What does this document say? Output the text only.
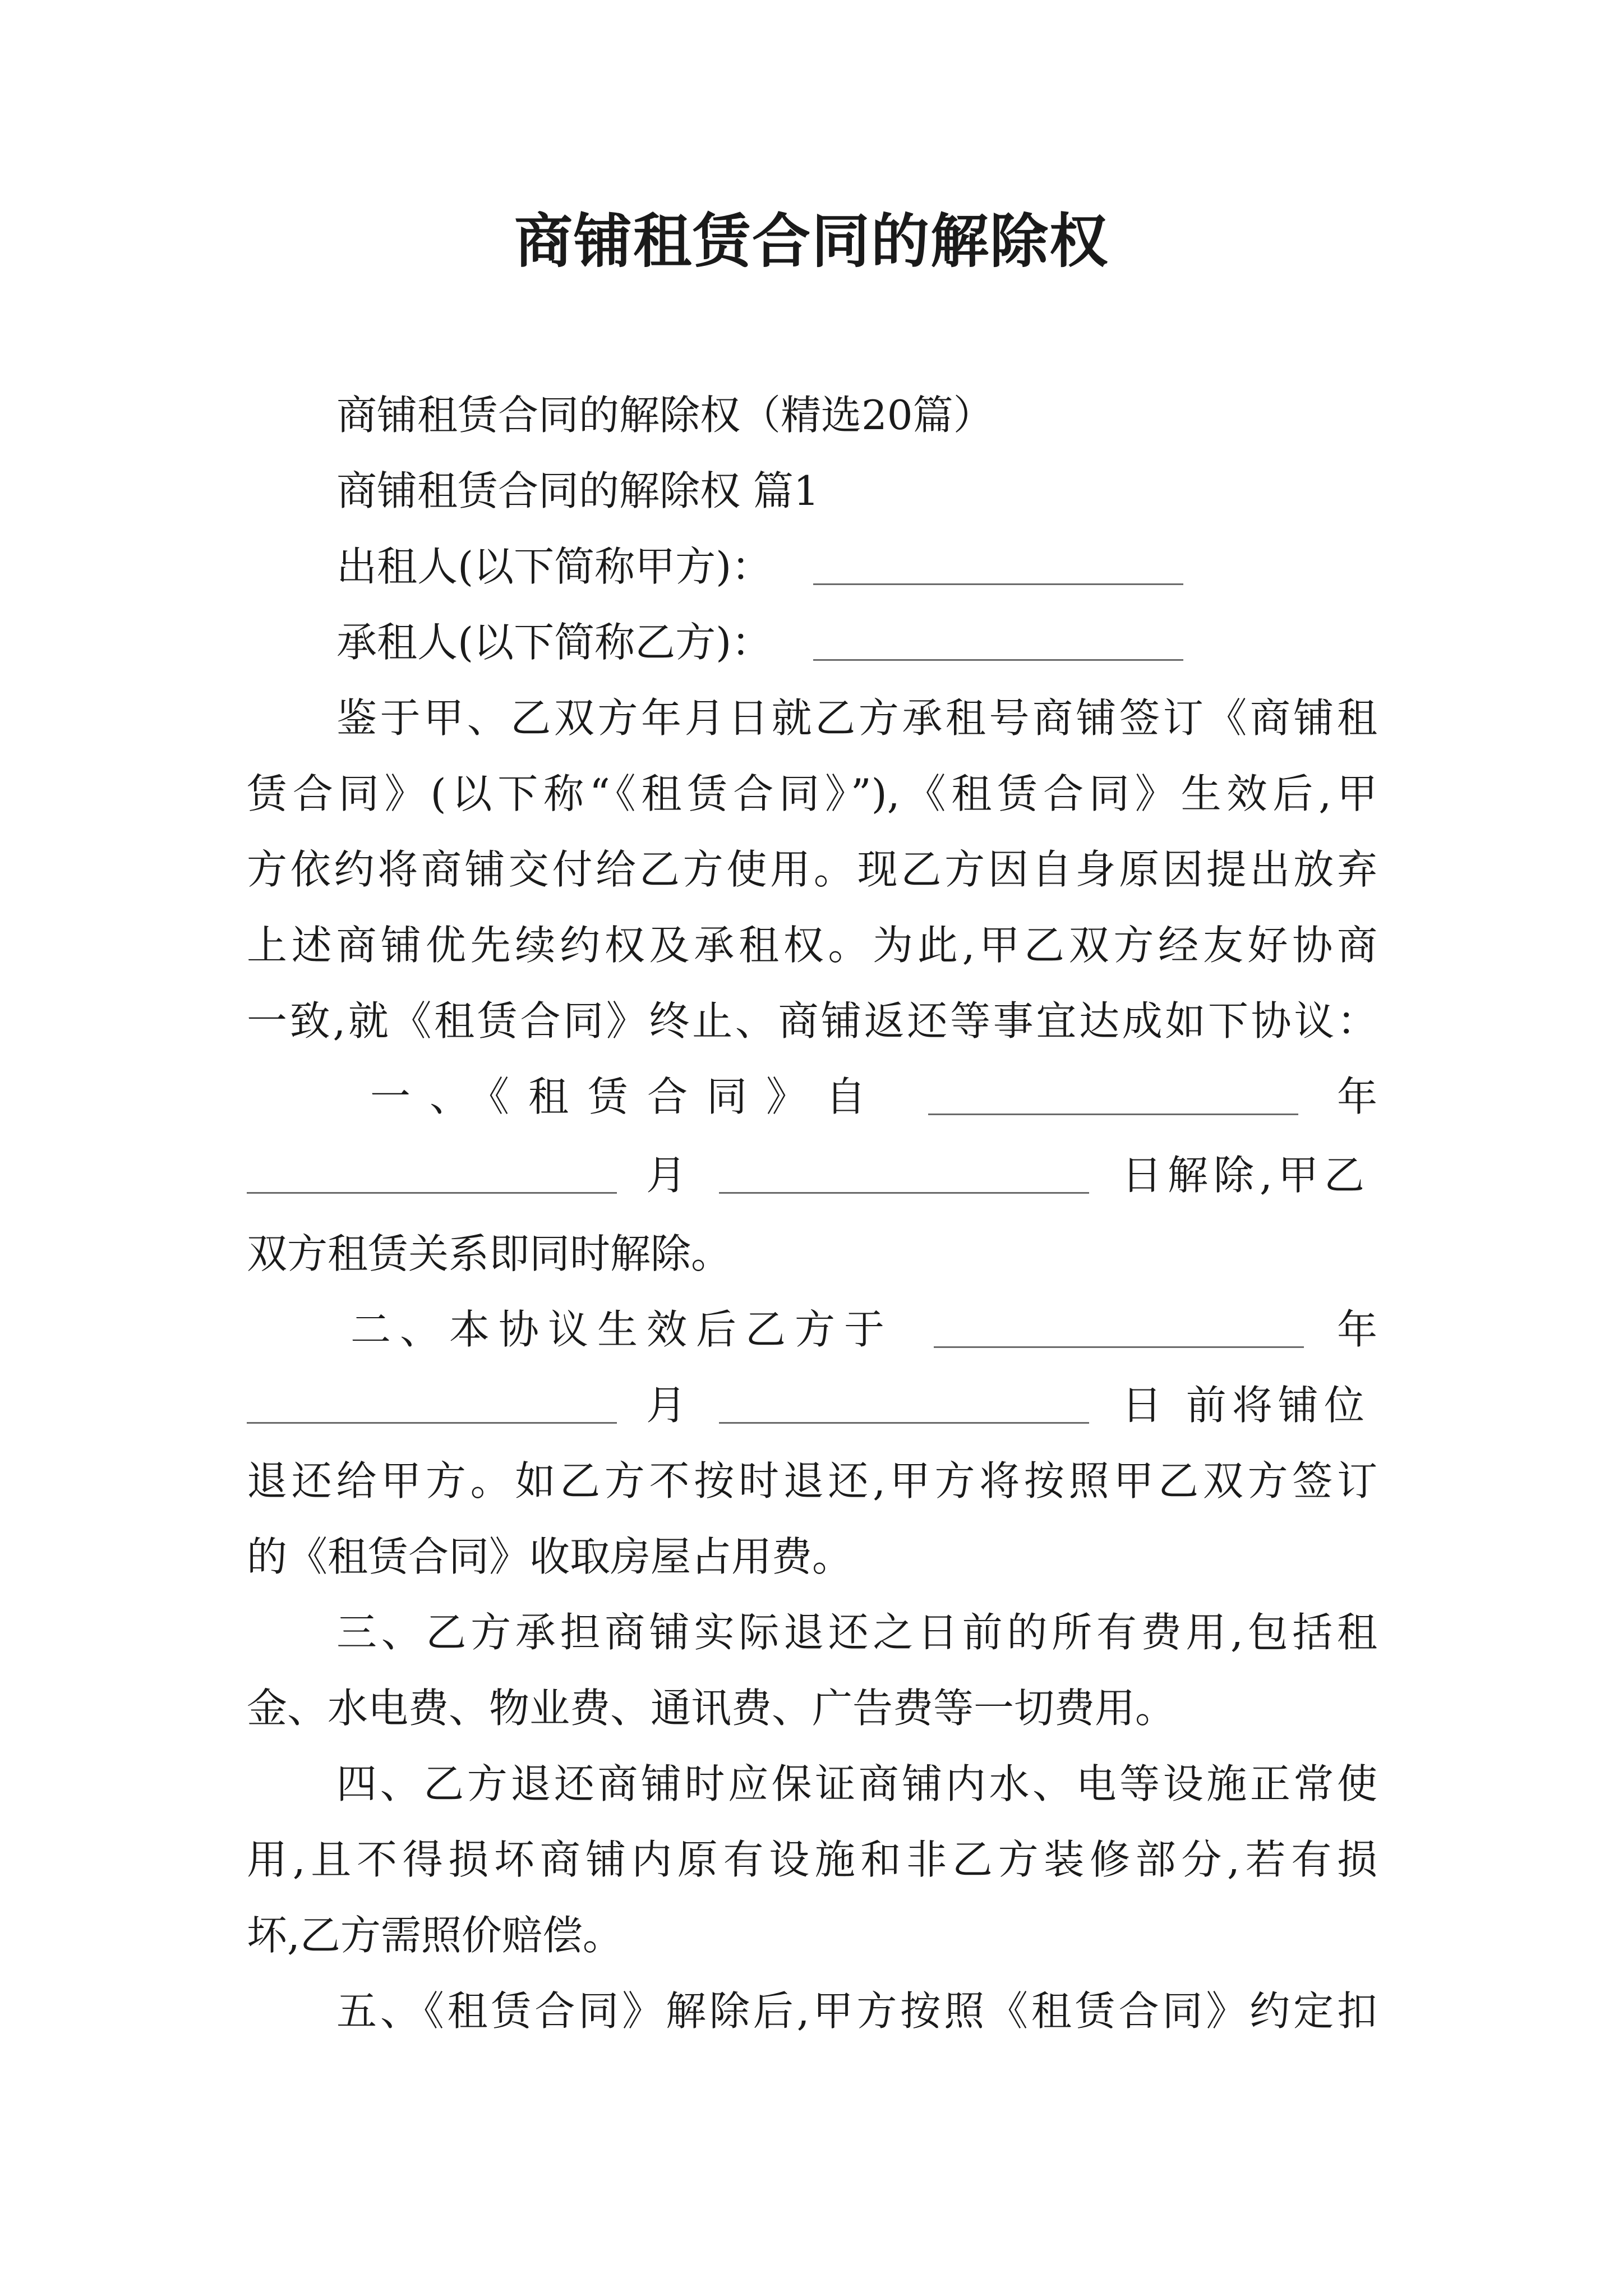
商铺租赁合同的解除权
商铺租赁合同的解除权（精选20篇）
商铺租赁合同的解除权 篇1
出租人(以下简称甲方)：
承租人(以下简称乙方)：
鉴于甲、乙双方年月日就乙方承租号商铺签订《商铺租
赁合同》(以下称“《租赁合同》”),《租赁合同》生效后,甲
方依约将商铺交付给乙方使用。现乙方因自身原因提出放弃
上述商铺优先续约权及承租权。为此,甲乙双方经友好协商
一致,就《租赁合同》终止、商铺返还等事宜达成如下协议：
一、《租赁合同》自	年
月	日解除,甲乙
双方租赁关系即同时解除。
二、本协议生效后乙方于	年
月	日 前将铺位
退还给甲方。如乙方不按时退还,甲方将按照甲乙双方签订
的《租赁合同》收取房屋占用费。
三、乙方承担商铺实际退还之日前的所有费用,包括租
金、水电费、物业费、通讯费、广告费等一切费用。
四、乙方退还商铺时应保证商铺内水、电等设施正常使
用,且不得损坏商铺内原有设施和非乙方装修部分,若有损
坏,乙方需照价赔偿。
五、《租赁合同》解除后,甲方按照《租赁合同》约定扣
